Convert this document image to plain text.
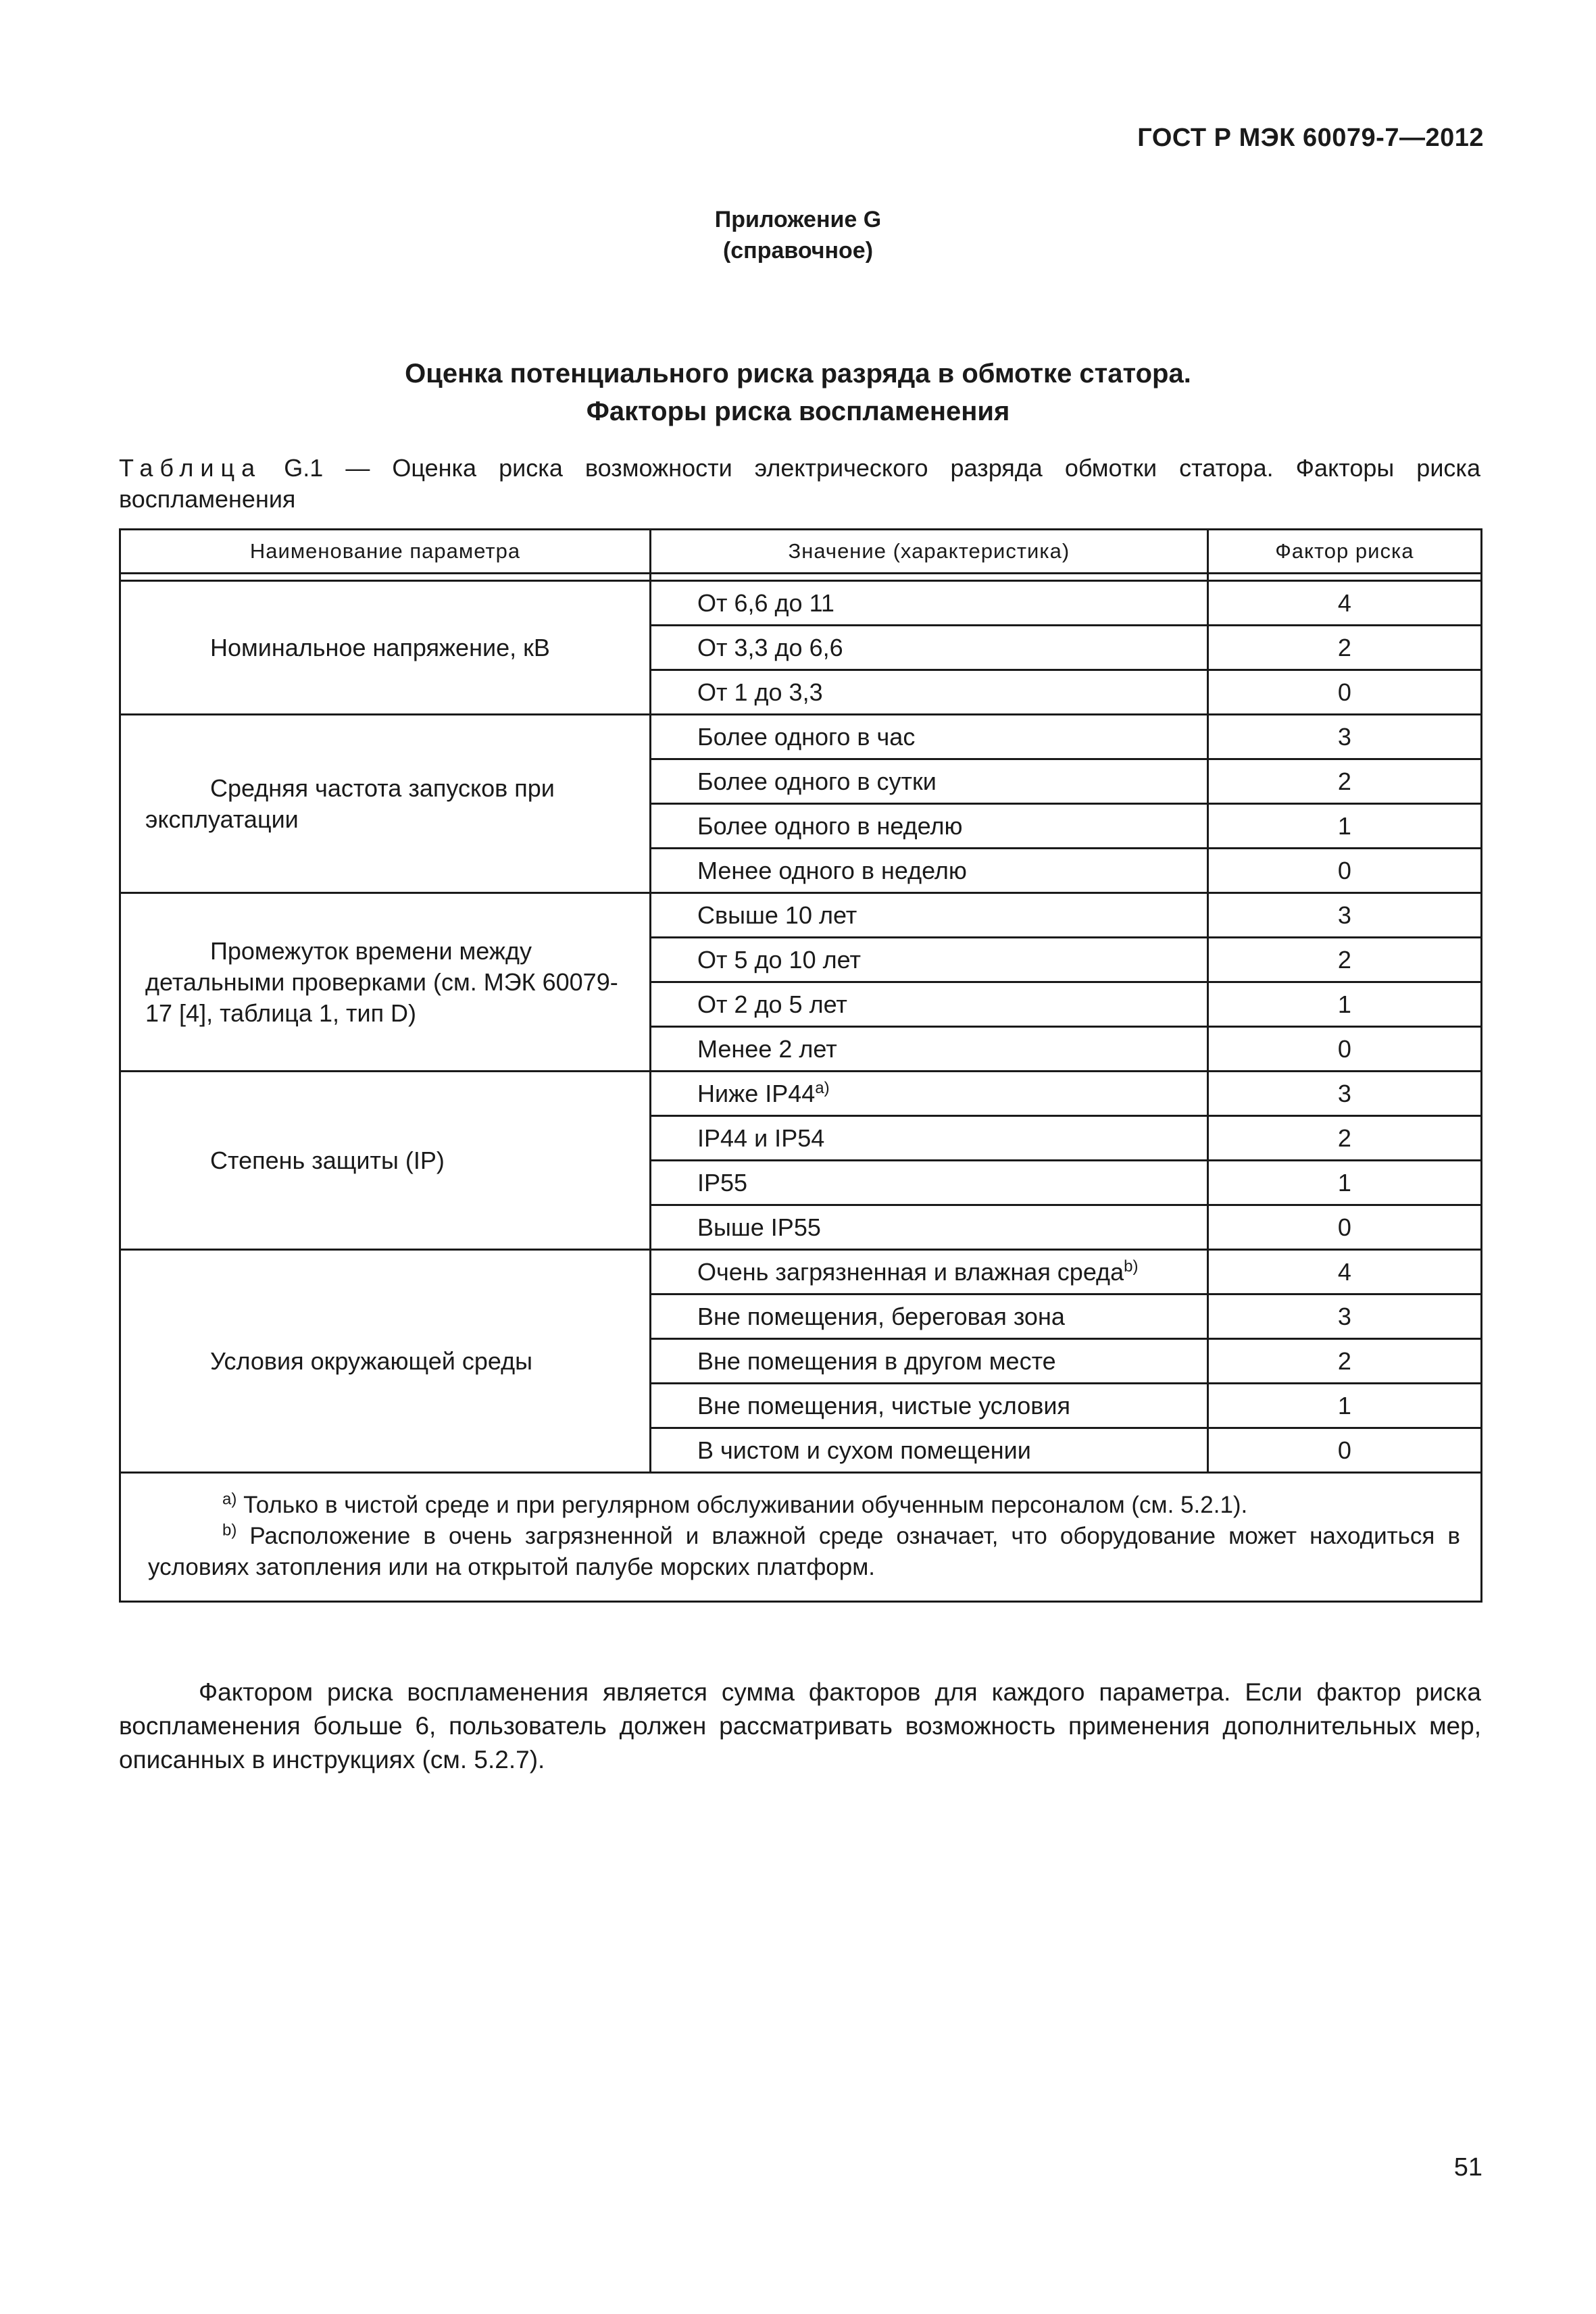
ГОСТ Р МЭК 60079-7—2012
Приложение G
(справочное)
Оценка потенциального риска разряда в обмотке статора.
Факторы риска воспламенения
Таблица G.1 — Оценка риска возможности электрического разряда обмотки статора. Факторы риска воспламенения
Наименование параметра	Значение (характеристика)	Фактор риска

Номинальное напряжение, кВ	От 6,6 до 11	4
	От 3,3 до 6,6	2
	От 1 до 3,3	0
Средняя частота запусков при эксплуатации	Более одного в час	3
	Более одного в сутки	2
	Более одного в неделю	1
	Менее одного в неделю	0
Промежуток времени между детальными проверками (см. МЭК 60079-17 [4], таблица 1, тип D)	Свыше 10 лет	3
	От 5 до 10 лет	2
	От 2 до 5 лет	1
	Менее 2 лет	0
Степень защиты (IP)	Ниже IP44$^{a)}$	3
	IP44 и IP54	2
	IP55	1
	Выше IP55	0
Условия окружающей среды	Очень загрязненная и влажная среда$^{b)}$	4
	Вне помещения, береговая зона	3
	Вне помещения в другом месте	2
	Вне помещения, чистые условия	1
	В чистом и сухом помещении	0

$^{a)}$ Только в чистой среде и при регулярном обслуживании обученным персоналом (см. 5.2.1).
$^{b)}$ Расположение в очень загрязненной и влажной среде означает, что оборудование может находиться в условиях затопления или на открытой палубе морских платформ.		
Фактором риска воспламенения является сумма факторов для каждого параметра. Если фактор риска воспламенения больше 6, пользователь должен рассматривать возможность применения дополнительных мер, описанных в инструкциях (см. 5.2.7).
51
